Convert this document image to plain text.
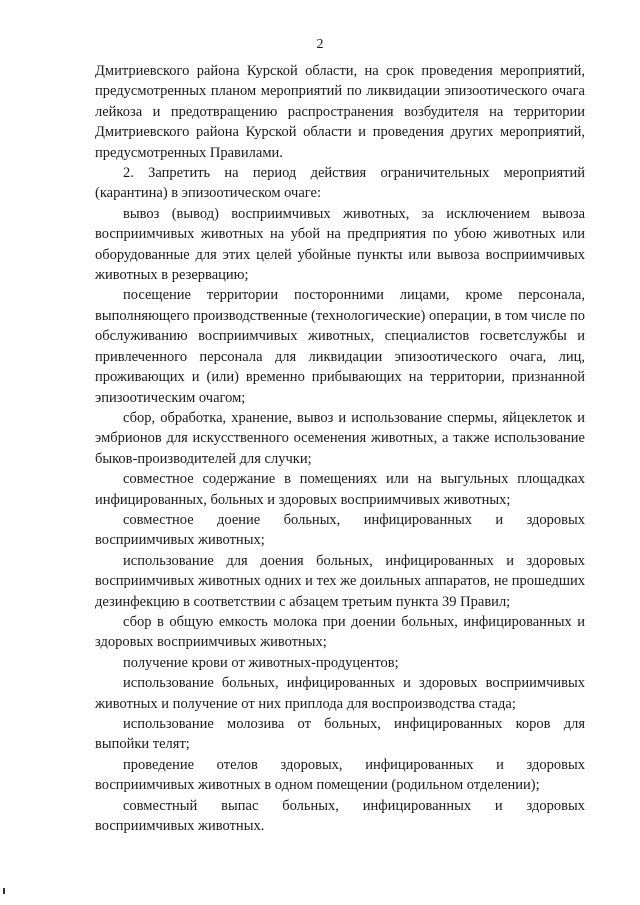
2

Дмитриевского района Курской области, на срок проведения мероприятий, предусмотренных планом мероприятий по ликвидации эпизоотического очага лейкоза и предотвращению распространения возбудителя на территории Дмитриевского района Курской области и проведения других мероприятий, предусмотренных Правилами.

2. Запретить на период действия ограничительных мероприятий (карантина) в эпизоотическом очаге:

вывоз (вывод) восприимчивых животных, за исключением вывоза восприимчивых животных на убой на предприятия по убою животных или оборудованные для этих целей убойные пункты или вывоза восприимчивых животных в резервацию;

посещение территории посторонними лицами, кроме персонала, выполняющего производственные (технологические) операции, в том числе по обслуживанию восприимчивых животных, специалистов госветслужбы и привлеченного персонала для ликвидации эпизоотического очага, лиц, проживающих и (или) временно прибывающих на территории, признанной эпизоотическим очагом;

сбор, обработка, хранение, вывоз и использование спермы, яйцеклеток и эмбрионов для искусственного осеменения животных, а также использование быков-производителей для случки;

совместное содержание в помещениях или на выгульных площадках инфицированных, больных и здоровых восприимчивых животных;

совместное доение больных, инфицированных и здоровых восприимчивых животных;

использование для доения больных, инфицированных и здоровых восприимчивых животных одних и тех же доильных аппаратов, не прошедших дезинфекцию в соответствии с абзацем третьим пункта 39 Правил;

сбор в общую емкость молока при доении больных, инфицированных и здоровых восприимчивых животных;

получение крови от животных-продуцентов;

использование больных, инфицированных и здоровых восприимчивых животных и получение от них приплода для воспроизводства стада;

использование молозива от больных, инфицированных коров для выпойки телят;

проведение отелов здоровых, инфицированных и здоровых восприимчивых животных в одном помещении (родильном отделении);

совместный выпас больных, инфицированных и здоровых восприимчивых животных.
